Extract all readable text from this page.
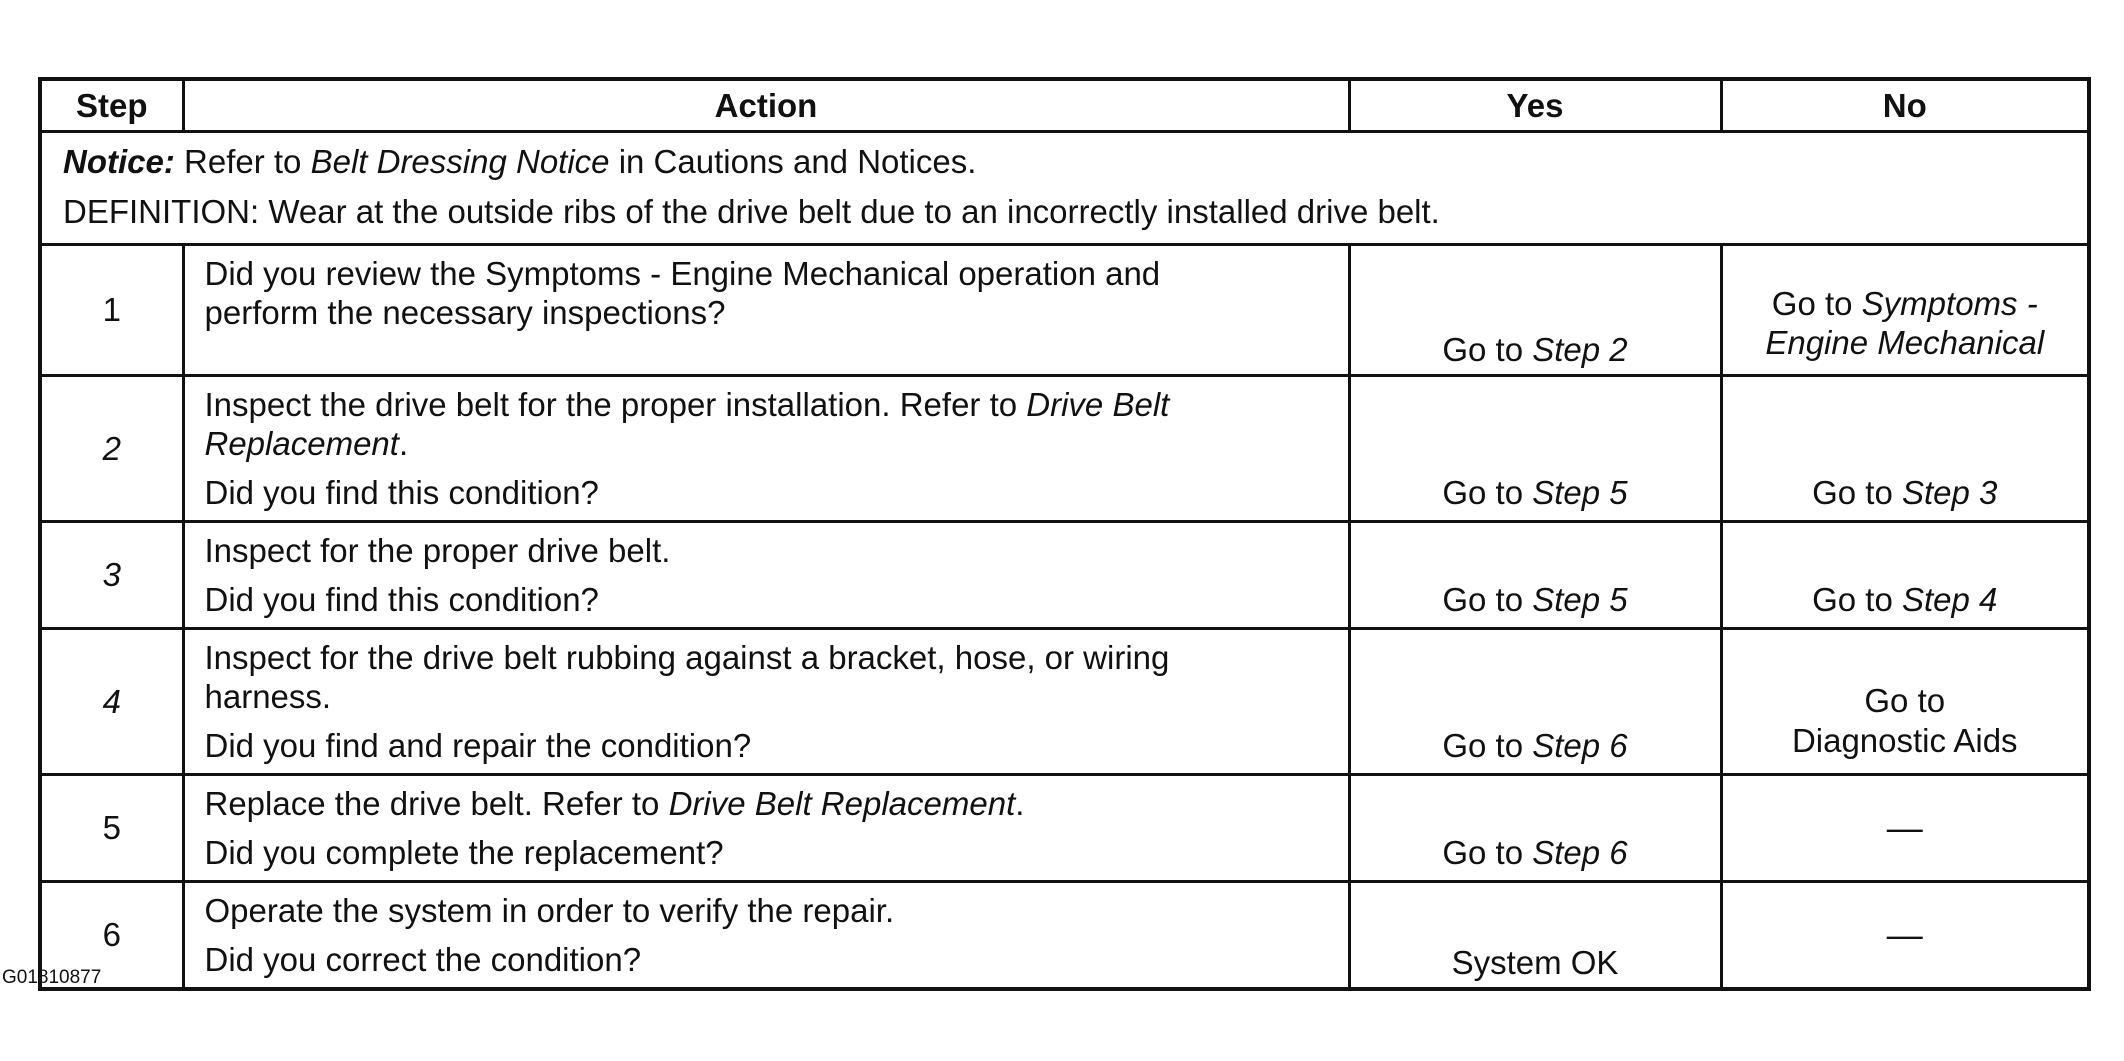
Step	Action	Yes	No

Notice: Refer to Belt Dressing Notice in Cautions and Notices.
DEFINITION: Wear at the outside ribs of the drive belt due to an incorrectly installed drive belt.			

1	Did you review the Symptoms - Engine Mechanical operation and
perform the necessary inspections?	Go to Step 2	Go to Symptoms -
Engine Mechanical

2	Inspect the drive belt for the proper installation. Refer to Drive Belt
Replacement.
Did you find this condition?	Go to Step 5	Go to Step 3
3	Inspect for the proper drive belt.
Did you find this condition?	Go to Step 5	Go to Step 4
4	Inspect for the drive belt rubbing against a bracket, hose, or wiring
harness.
Did you find and repair the condition?	Go to Step 6	Go to
Diagnostic Aids

5	Replace the drive belt. Refer to Drive Belt Replacement.
Did you complete the replacement?	Go to Step 6	—
6	Operate the system in order to verify the repair.
Did you correct the condition?	System OK	—
G01810877
